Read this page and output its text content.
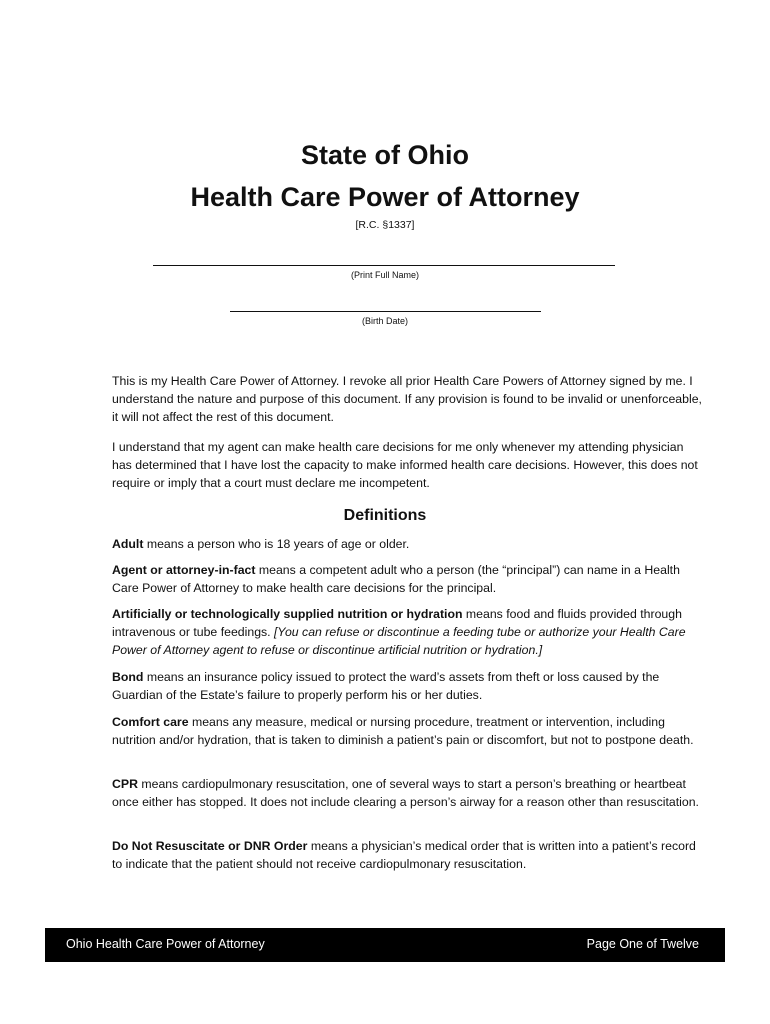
State of Ohio
Health Care Power of Attorney
[R.C. §1337]
(Print Full Name)
(Birth Date)

This is my Health Care Power of Attorney. I revoke all prior Health Care Powers of Attorney signed by me. I understand the nature and purpose of this document. If any provision is found to be invalid or unenforceable, it will not affect the rest of this document.

I understand that my agent can make health care decisions for me only whenever my attending physician has determined that I have lost the capacity to make informed health care decisions. However, this does not require or imply that a court must declare me incompetent.

Definitions

Adult means a person who is 18 years of age or older.

Agent or attorney-in-fact means a competent adult who a person (the “principal”) can name in a Health Care Power of Attorney to make health care decisions for the principal.

Artificially or technologically supplied nutrition or hydration means food and fluids provided through intravenous or tube feedings. [You can refuse or discontinue a feeding tube or authorize your Health Care Power of Attorney agent to refuse or discontinue artificial nutrition or hydration.]

Bond means an insurance policy issued to protect the ward’s assets from theft or loss caused by the Guardian of the Estate’s failure to properly perform his or her duties.

Comfort care means any measure, medical or nursing procedure, treatment or intervention, including nutrition and/or hydration, that is taken to diminish a patient’s pain or discomfort, but not to postpone death.

CPR means cardiopulmonary resuscitation, one of several ways to start a person’s breathing or heartbeat once either has stopped. It does not include clearing a person’s airway for a reason other than resuscitation.

Do Not Resuscitate or DNR Order means a physician’s medical order that is written into a patient’s record to indicate that the patient should not receive cardiopulmonary resuscitation.

Ohio Health Care Power of Attorney	Page One of Twelve
